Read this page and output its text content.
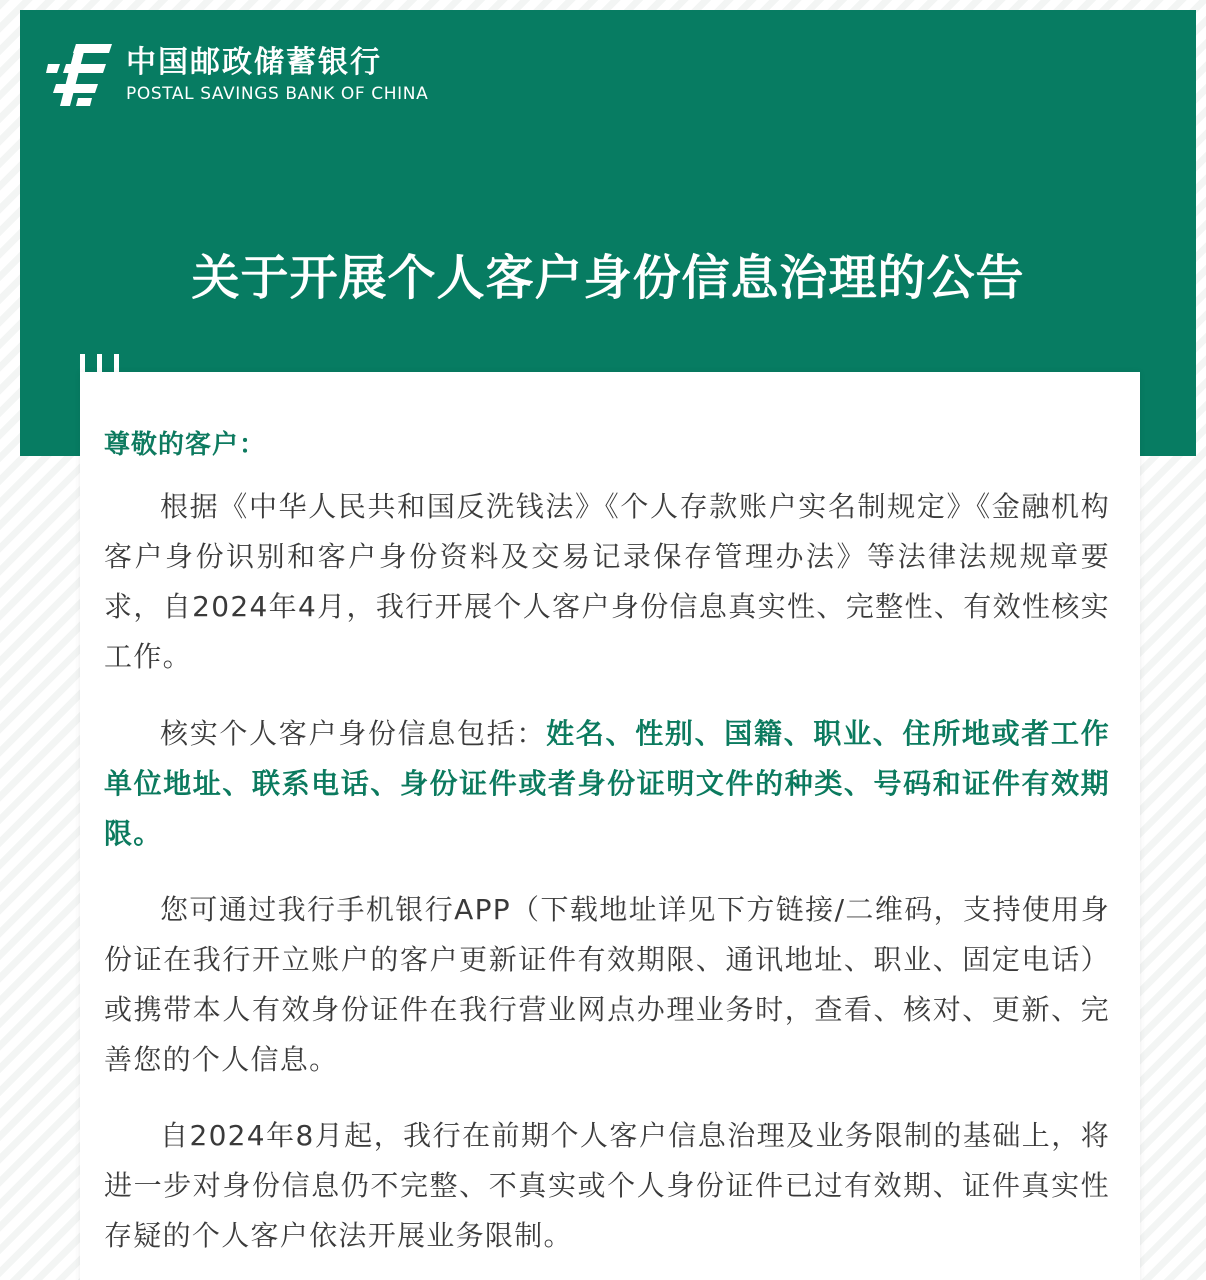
中国邮政储蓄银行
POSTAL SAVINGS BANK OF CHINA
关于开展个人客户身份信息治理的公告
尊敬的客户：

根据《中华人民共和国反洗钱法》《个人存款账户实名制规定》《金融机构客户身份识别和客户身份资料及交易记录保存管理办法》等法律法规规章要求，自2024年4月，我行开展个人客户身份信息真实性、完整性、有效性核实工作。

核实个人客户身份信息包括：姓名、性别、国籍、职业、住所地或者工作单位地址、联系电话、身份证件或者身份证明文件的种类、号码和证件有效期限。

您可通过我行手机银行APP（下载地址详见下方链接/二维码，支持使用身份证在我行开立账户的客户更新证件有效期限、通讯地址、职业、固定电话）或携带本人有效身份证件在我行营业网点办理业务时，查看、核对、更新、完善您的个人信息。

自2024年8月起，我行在前期个人客户信息治理及业务限制的基础上，将进一步对身份信息仍不完整、不真实或个人身份证件已过有效期、证件真实性存疑的个人客户依法开展业务限制。
